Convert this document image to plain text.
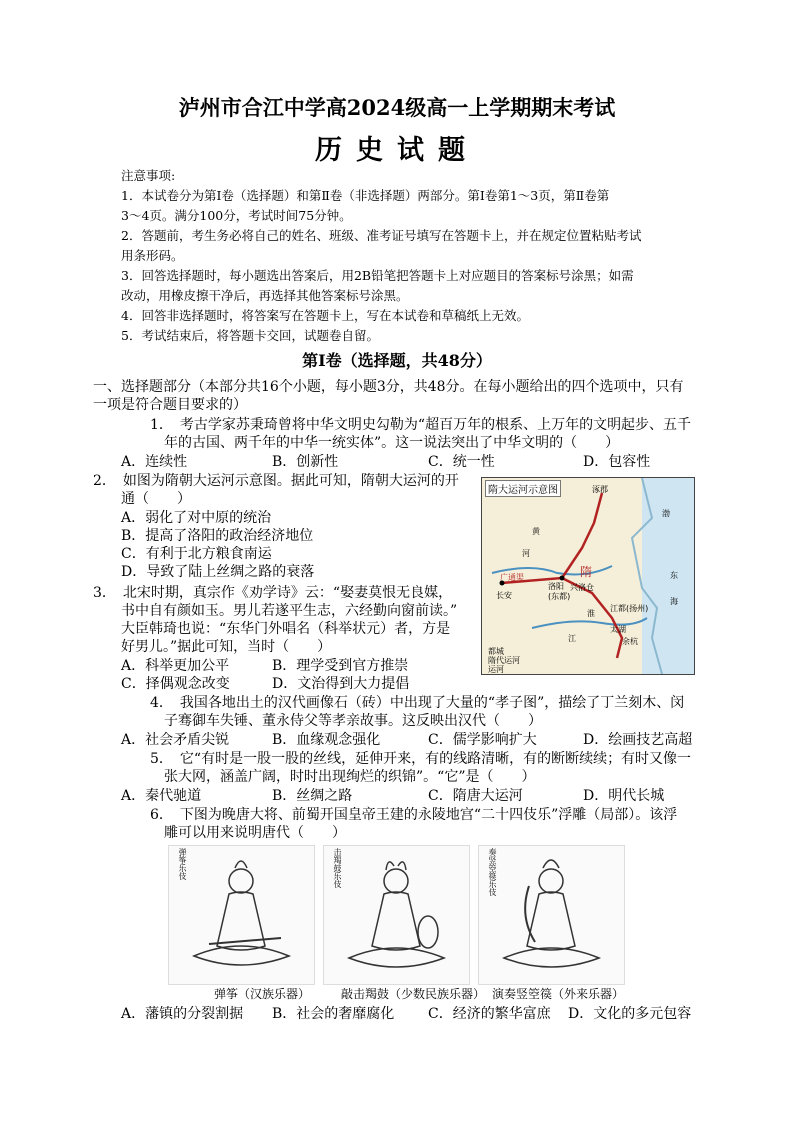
泸州市合江中学高2024级高一上学期期末考试
历史试题
注意事项:
1．本试卷分为第Ⅰ卷（选择题）和第Ⅱ卷（非选择题）两部分。第Ⅰ卷第1～3页，第Ⅱ卷第
3～4页。满分100分，考试时间75分钟。
2．答题前，考生务必将自己的姓名、班级、准考证号填写在答题卡上，并在规定位置粘贴考试
用条形码。
3．回答选择题时，每小题选出答案后，用2B铅笔把答题卡上对应题目的答案标号涂黑；如需
改动，用橡皮擦干净后，再选择其他答案标号涂黑。
4．回答非选择题时，将答案写在答题卡上，写在本试卷和草稿纸上无效。
5．考试结束后，将答题卡交回，试题卷自留。
第Ⅰ卷（选择题，共48分）
一、选择题部分（本部分共16个小题，每小题3分，共48分。在每小题给出的四个选项中，只有
一项是符合题目要求的）
1．　考古学家苏秉琦曾将中华文明史勾勒为“超百万年的根系、上万年的文明起步、五千
年的古国、两千年的中华一统实体”。这一说法突出了中华文明的（　　）
A．连续性	B．创新性	C．统一性	D．包容性
2．　如图为隋朝大运河示意图。据此可知，隋朝大运河的开
通（　　）
A．弱化了对中原的统治
B．提高了洛阳的政治经济地位
C．有利于北方粮食南运
D．导致了陆上丝绸之路的衰落
隋大运河示意图	涿郡
洛阳
(东都)
长安
兴洛仓
江都(扬州)
余杭
隋
黄
河
淮
江
海
东
渤
广通渠
太湖
都城
隋代运河
运河
3．　北宋时期，真宗作《劝学诗》云：“娶妻莫恨无良媒，
书中自有颜如玉。男儿若遂平生志，六经勤向窗前读。”
大臣韩琦也说：“东华门外唱名（科举状元）者，方是
好男儿。”据此可知，当时（　　）
A．科举更加公平	B．理学受到官方推崇
C．择偶观念改变	D．文治得到大力提倡
4．　我国各地出土的汉代画像石（砖）中出现了大量的“孝子图”，描绘了丁兰刻木、闵
子骞御车失锤、董永侍父等孝亲故事。这反映出汉代（　　）
A．社会矛盾尖锐	B．血缘观念强化	C．儒学影响扩大	D．绘画技艺高超
5．　它“有时是一股一股的丝线，延伸开来，有的线路清晰，有的断断续续；有时又像一
张大网，涵盖广阔，时时出现绚烂的织锦”。“它”是（　　）
A．秦代驰道	B．丝绸之路	C．隋唐大运河	D．明代长城
6．　下图为晚唐大将、前蜀开国皇帝王建的永陵地宫“二十四伎乐”浮雕（局部）。该浮
雕可以用来说明唐代（　　）
弹筝乐伎	击羯鼓乐伎	奏竖箜篌乐伎
弹筝（汉族乐器）	敲击羯鼓（少数民族乐器） 演奏竖箜篌（外来乐器）
A．藩镇的分裂割据 B．社会的奢靡腐化 C．经济的繁华富庶 D．文化的多元包容
